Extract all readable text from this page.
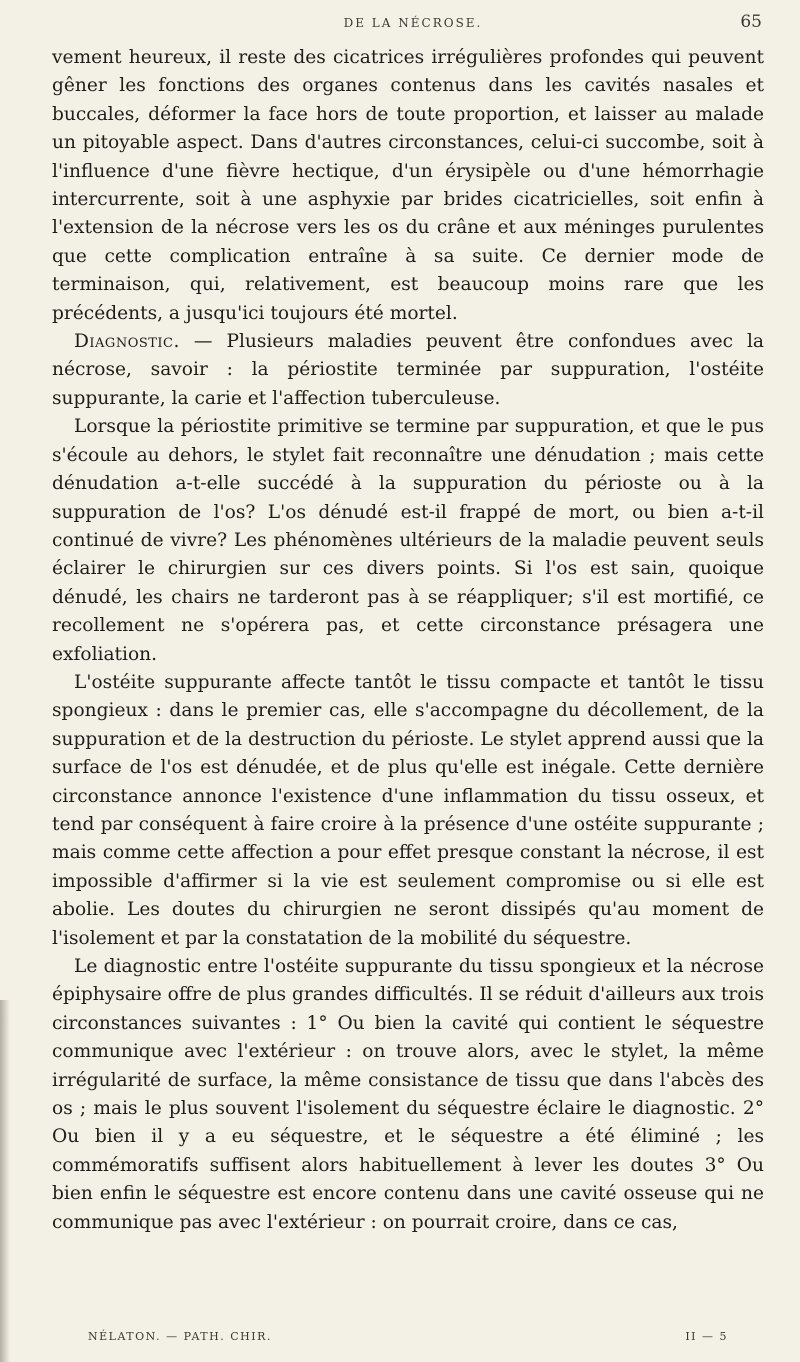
DE LA NÉCROSE.	65

vement heureux, il reste des cicatrices irrégulières profondes qui peuvent gêner les fonctions des organes contenus dans les cavités nasales et buccales, déformer la face hors de toute proportion, et laisser au malade un pitoyable aspect. Dans d'autres circonstances, celui-ci succombe, soit à l'influence d'une fièvre hectique, d'un érysipèle ou d'une hémorrhagie intercurrente, soit à une asphyxie par brides cicatricielles, soit enfin à l'extension de la nécrose vers les os du crâne et aux méninges purulentes que cette complication entraîne à sa suite. Ce dernier mode de terminaison, qui, relativement, est beaucoup moins rare que les précédents, a jusqu'ici toujours été mortel.

Diagnostic. — Plusieurs maladies peuvent être confondues avec la nécrose, savoir : la périostite terminée par suppuration, l'ostéite suppurante, la carie et l'affection tuberculeuse.

Lorsque la périostite primitive se termine par suppuration, et que le pus s'écoule au dehors, le stylet fait reconnaître une dénudation ; mais cette dénudation a-t-elle succédé à la suppuration du périoste ou à la suppuration de l'os? L'os dénudé est-il frappé de mort, ou bien a-t-il continué de vivre? Les phénomènes ultérieurs de la maladie peuvent seuls éclairer le chirurgien sur ces divers points. Si l'os est sain, quoique dénudé, les chairs ne tarderont pas à se réappliquer; s'il est mortifié, ce recollement ne s'opérera pas, et cette circonstance présagera une exfoliation.

L'ostéite suppurante affecte tantôt le tissu compacte et tantôt le tissu spongieux : dans le premier cas, elle s'accompagne du décollement, de la suppuration et de la destruction du périoste. Le stylet apprend aussi que la surface de l'os est dénudée, et de plus qu'elle est inégale. Cette dernière circonstance annonce l'existence d'une inflammation du tissu osseux, et tend par conséquent à faire croire à la présence d'une ostéite suppurante ; mais comme cette affection a pour effet presque constant la nécrose, il est impossible d'affirmer si la vie est seulement compromise ou si elle est abolie. Les doutes du chirurgien ne seront dissipés qu'au moment de l'isolement et par la constatation de la mobilité du séquestre.

Le diagnostic entre l'ostéite suppurante du tissu spongieux et la nécrose épiphysaire offre de plus grandes difficultés. Il se réduit d'ailleurs aux trois circonstances suivantes : 1° Ou bien la cavité qui contient le séquestre communique avec l'extérieur : on trouve alors, avec le stylet, la même irrégularité de surface, la même consistance de tissu que dans l'abcès des os ; mais le plus souvent l'isolement du séquestre éclaire le diagnostic. 2° Ou bien il y a eu séquestre, et le séquestre a été éliminé ; les commémoratifs suffisent alors habituellement à lever les doutes 3° Ou bien enfin le séquestre est encore contenu dans une cavité osseuse qui ne communique pas avec l'extérieur : on pourrait croire, dans ce cas,

NÉLATON. — PATH. CHIR.	II — 5
